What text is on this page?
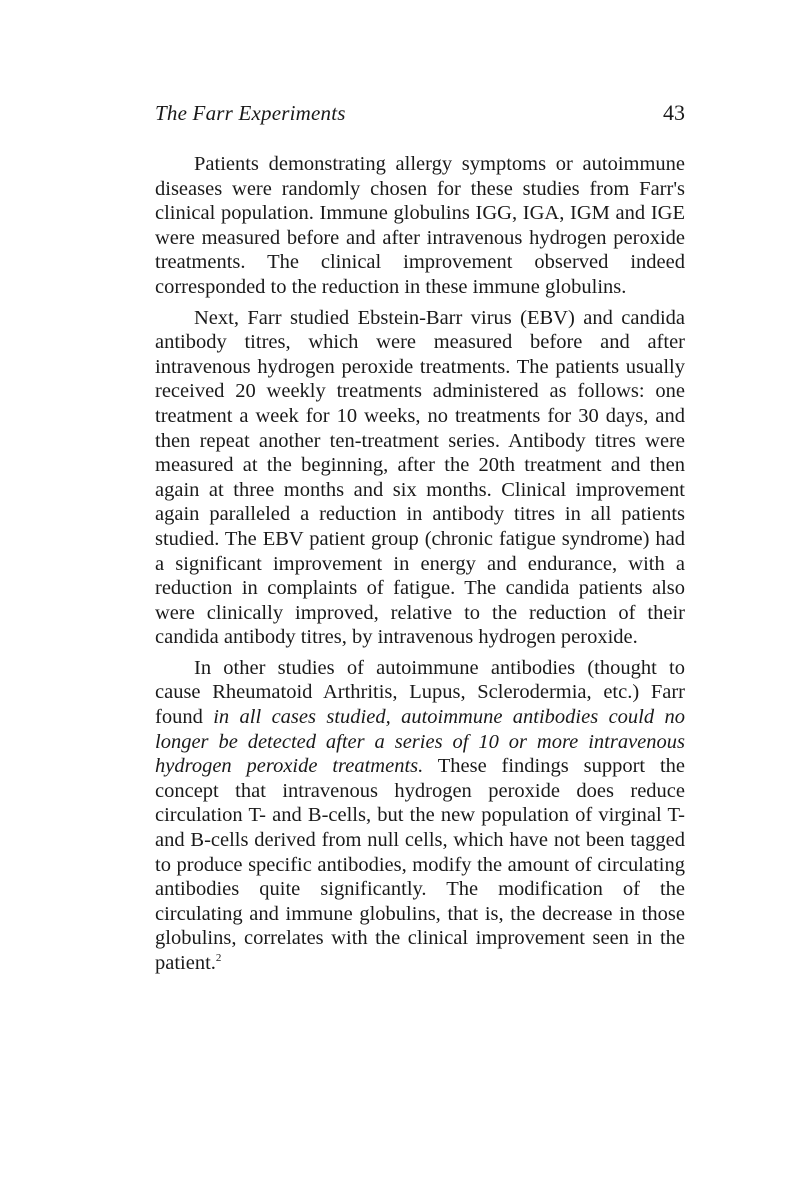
The Farr Experiments	43

Patients demonstrating allergy symptoms or autoimmune diseases were randomly chosen for these studies from Farr's clinical population. Immune globulins IGG, IGA, IGM and IGE were measured before and after intravenous hydrogen peroxide treatments. The clinical improvement observed indeed corresponded to the reduction in these immune globulins.

Next, Farr studied Ebstein-Barr virus (EBV) and candida antibody titres, which were measured before and after intravenous hydrogen peroxide treatments. The patients usually received 20 weekly treatments administered as follows: one treatment a week for 10 weeks, no treatments for 30 days, and then repeat another ten-treatment series. Antibody titres were measured at the beginning, after the 20th treatment and then again at three months and six months. Clinical improvement again paralleled a reduction in antibody titres in all patients studied. The EBV patient group (chronic fatigue syndrome) had a significant improvement in energy and endurance, with a reduction in complaints of fatigue. The candida patients also were clinically improved, relative to the reduction of their candida antibody titres, by intravenous hydrogen peroxide.

In other studies of autoimmune antibodies (thought to cause Rheumatoid Arthritis, Lupus, Sclerodermia, etc.) Farr found in all cases studied, autoimmune antibodies could no longer be detected after a series of 10 or more intravenous hydrogen peroxide treatments. These findings support the concept that intravenous hydrogen peroxide does reduce circulation T- and B-cells, but the new population of virginal T- and B-cells derived from null cells, which have not been tagged to produce specific antibodies, modify the amount of circulating antibodies quite significantly. The modification of the circulating and immune globulins, that is, the decrease in those globulins, correlates with the clinical improvement seen in the patient.$^2$
